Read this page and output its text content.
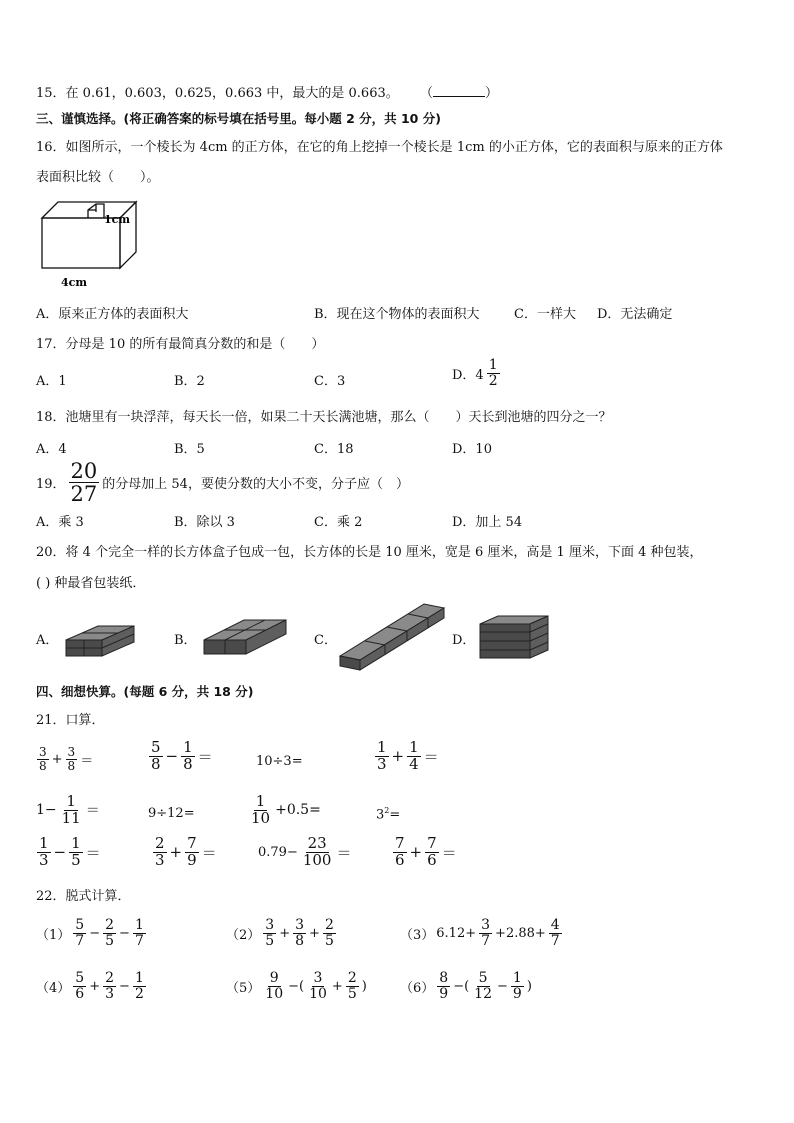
15．在 0.61，0.603，0.625，0.663 中，最大的是 0.663。 （	）
三、谨慎选择。(将正确答案的标号填在括号里。每小题 2 分，共 10 分)
16．如图所示，一个棱长为 4cm 的正方体，在它的角上挖掉一个棱长是 1cm 的小正方体，它的表面积与原来的正方体
表面积比较（　　）。
1cm
4cm
A．原来正方体的表面积大	B．现在这个物体的表面积大	C．一样大 D．无法确定
17．分母是 10 的所有最简真分数的和是（　　）
A．1	B．2	C．3	D．$4 \frac{1}{2}$
18．池塘里有一块浮萍，每天长一倍，如果二十天长满池塘，那么（　　）天长到池塘的四分之一？
A．4	B．5	C．18	D．10
19． $\frac{20}{27}$ 的分母加上 54，要使分数的大小不变，分子应（　）
A．乘 3	B．除以 3	C．乘 2	D．加上 54
20．将 4 个完全一样的长方体盒子包成一包，长方体的长是 10 厘米，宽是 6 厘米，高是 1 厘米，下面 4 种包装，
( ) 种最省包装纸．
A．	B．	C．	D．
四、细想快算。(每题 6 分，共 18 分)
21．口算．
$\frac{3}{8} + \frac{3}{8}$ ＝	$\frac{5}{8} - \frac{1}{8}$ ＝	10÷3=	$\frac{1}{3} + \frac{1}{4}$ ＝
$1- \frac{1}{11}$ ＝	9÷12=	$\frac{1}{10} +0.5=$	$3^2=$
$\frac{1}{3} - \frac{1}{5}$ ＝	$\frac{2}{3} + \frac{7}{9}$ ＝	$0.79- \frac{23}{100}$ ＝	$\frac{7}{6} + \frac{7}{6}$ ＝
22．脱式计算．
$(1) \frac{5}{7} - \frac{2}{5} - \frac{1}{7}$	$(2) \frac{3}{5} + \frac{3}{8} + \frac{2}{5}$	（3） $6.12+ \frac{3}{7} +2.88+ \frac{4}{7}$
$(4) \frac{5}{6} + \frac{2}{3} - \frac{1}{2}$	$(5) \frac{9}{10}$ −( $\frac{3}{10} + \frac{2}{5}$ )	$(6) \frac{8}{9}$ −( $\frac{5}{12} - \frac{1}{9}$ )
